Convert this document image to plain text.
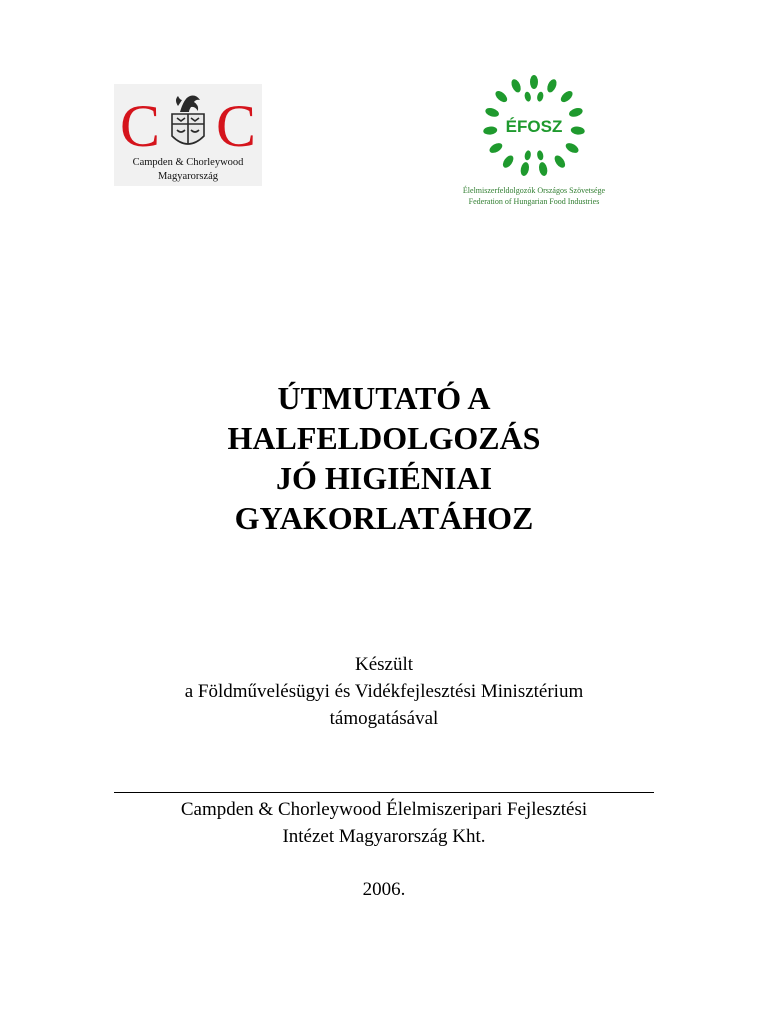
C C
Campden & Chorleywood
Magyarország
ÉFOSZ
Élelmiszerfeldolgozók Országos Szövetsége
Federation of Hungarian Food Industries
ÚTMUTATÓ A
HALFELDOLGOZÁS
JÓ HIGIÉNIAI
GYAKORLATÁHOZ
Készült
a Földművelésügyi és Vidékfejlesztési Minisztérium
támogatásával
Campden & Chorleywood Élelmiszeripari Fejlesztési
Intézet Magyarország Kht.
2006.
